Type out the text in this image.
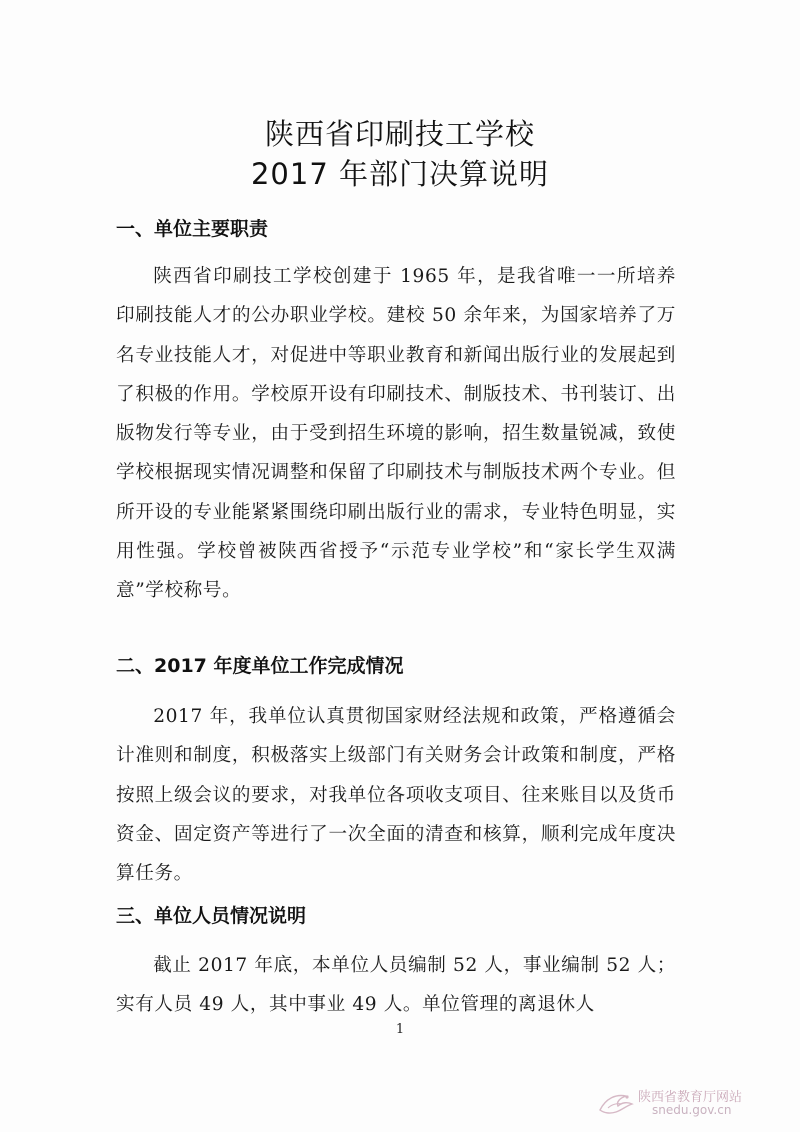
陕西省印刷技工学校
2017 年部门决算说明
一、单位主要职责
陕西省印刷技工学校创建于 1965 年，是我省唯一一所培养印刷技能人才的公办职业学校。建校 50 余年来，为国家培养了万名专业技能人才，对促进中等职业教育和新闻出版行业的发展起到了积极的作用。学校原开设有印刷技术、制版技术、书刊装订、出版物发行等专业，由于受到招生环境的影响，招生数量锐减，致使学校根据现实情况调整和保留了印刷技术与制版技术两个专业。但所开设的专业能紧紧围绕印刷出版行业的需求，专业特色明显，实用性强。学校曾被陕西省授予“示范专业学校”和“家长学生双满意”学校称号。
二、2017 年度单位工作完成情况
2017 年，我单位认真贯彻国家财经法规和政策，严格遵循会计准则和制度，积极落实上级部门有关财务会计政策和制度，严格按照上级会议的要求，对我单位各项收支项目、往来账目以及货币资金、固定资产等进行了一次全面的清查和核算，顺利完成年度决算任务。
三、单位人员情况说明
截止 2017 年底，本单位人员编制 52 人，事业编制 52 人；实有人员 49 人，其中事业 49 人。单位管理的离退休人
1
陕西省教育厅网站
snedu.gov.cn
